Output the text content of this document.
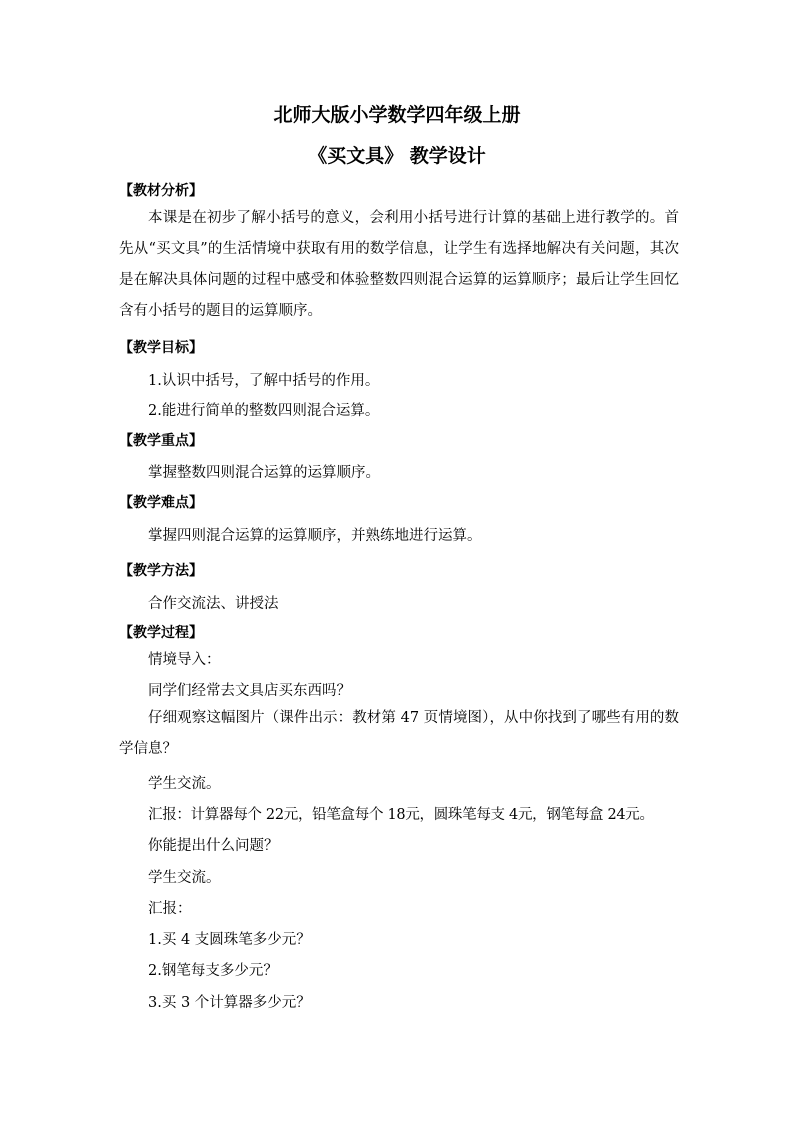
北师大版小学数学四年级上册
《买文具》 教学设计
【教材分析】
本课是在初步了解小括号的意义，会利用小括号进行计算的基础上进行教学的。首先从“买文具”的生活情境中获取有用的数学信息，让学生有选择地解决有关问题，其次是在解决具体问题的过程中感受和体验整数四则混合运算的运算顺序；最后让学生回忆含有小括号的题目的运算顺序。
【教学目标】
1.认识中括号，了解中括号的作用。
2.能进行简单的整数四则混合运算。
【教学重点】
掌握整数四则混合运算的运算顺序。
【教学难点】
掌握四则混合运算的运算顺序，并熟练地进行运算。
【教学方法】
合作交流法、讲授法
【教学过程】
情境导入：
同学们经常去文具店买东西吗？
仔细观察这幅图片（课件出示：教材第 47 页情境图），从中你找到了哪些有用的数学信息？
学生交流。
汇报：计算器每个 22元，铅笔盒每个 18元，圆珠笔每支 4元，钢笔每盒 24元。
你能提出什么问题？
学生交流。
汇报：
1.买 4 支圆珠笔多少元？
2.钢笔每支多少元？
3.买 3 个计算器多少元？
